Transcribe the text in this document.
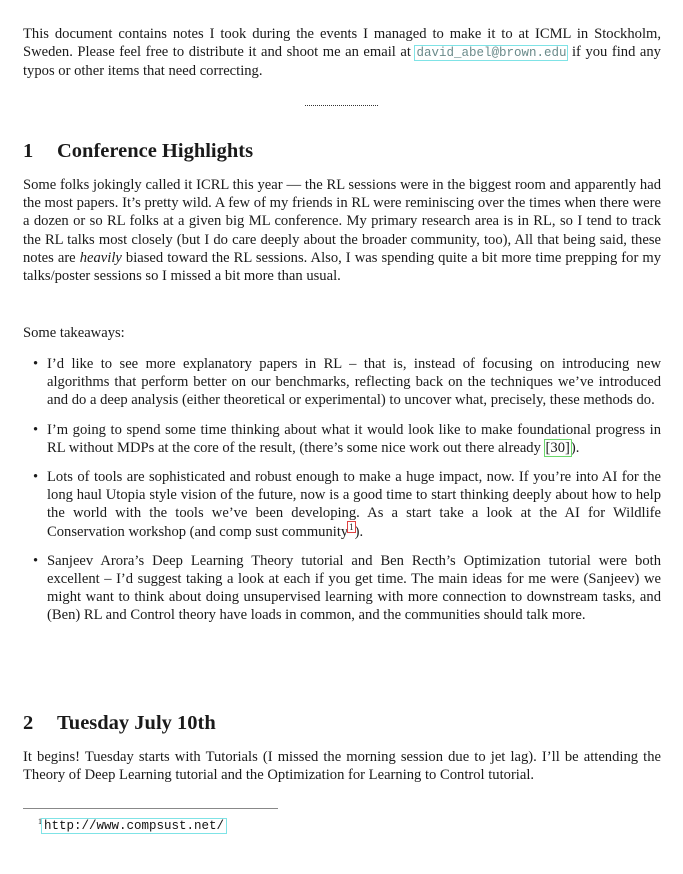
This document contains notes I took during the events I managed to make it to at ICML in Stockholm, Sweden. Please feel free to distribute it and shoot me an email at david_abel@brown.edu if you find any typos or other items that need correcting.
1 Conference Highlights
Some folks jokingly called it ICRL this year — the RL sessions were in the biggest room and apparently had the most papers. It’s pretty wild. A few of my friends in RL were reminiscing over the times when there were a dozen or so RL folks at a given big ML conference. My primary research area is in RL, so I tend to track the RL talks most closely (but I do care deeply about the broader community, too), All that being said, these notes are heavily biased toward the RL sessions. Also, I was spending quite a bit more time prepping for my talks/poster sessions so I missed a bit more than usual.
Some takeaways:
• I’d like to see more explanatory papers in RL – that is, instead of focusing on introducing new algorithms that perform better on our benchmarks, reflecting back on the techniques we’ve introduced and do a deep analysis (either theoretical or experimental) to uncover what, precisely, these methods do.
• I’m going to spend some time thinking about what it would look like to make foundational progress in RL without MDPs at the core of the result, (there’s some nice work out there already [30]).
• Lots of tools are sophisticated and robust enough to make a huge impact, now. If you’re into AI for the long haul Utopia style vision of the future, now is a good time to start thinking deeply about how to help the world with the tools we’ve been developing. As a start take a look at the AI for Wildlife Conservation workshop (and comp sust community$^1$).
• Sanjeev Arora’s Deep Learning Theory tutorial and Ben Recth’s Optimization tutorial were both excellent – I’d suggest taking a look at each if you get time. The main ideas for me were (Sanjeev) we might want to think about doing unsupervised learning with more connection to downstream tasks, and (Ben) RL and Control theory have loads in common, and the communities should talk more.
2 Tuesday July 10th
It begins! Tuesday starts with Tutorials (I missed the morning session due to jet lag). I’ll be attending the Theory of Deep Learning tutorial and the Optimization for Learning to Control tutorial.
$^1$ http://www.compsust.net/
